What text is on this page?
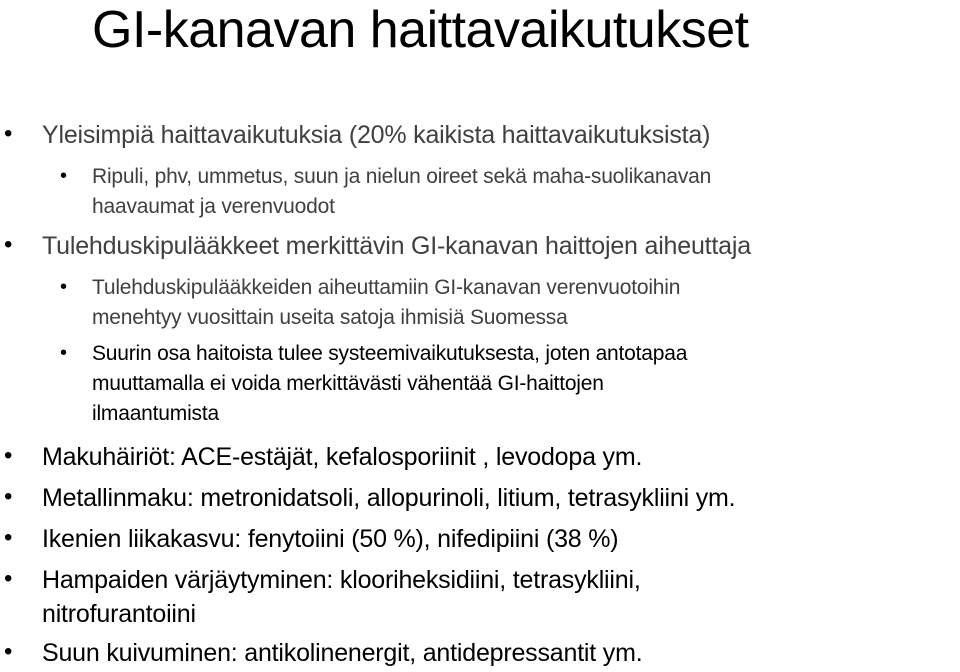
GI-kanavan haittavaikutukset
• Yleisimpiä haittavaikutuksia (20% kaikista haittavaikutuksista)
• Ripuli, phv, ummetus, suun ja nielun oireet sekä maha-suolikanavan
haavaumat ja verenvuodot
• Tulehduskipulääkkeet merkittävin GI-kanavan haittojen aiheuttaja
• Tulehduskipulääkkeiden aiheuttamiin GI-kanavan verenvuotoihin
menehtyy vuosittain useita satoja ihmisiä Suomessa
• Suurin osa haitoista tulee systeemivaikutuksesta, joten antotapaa
muuttamalla ei voida merkittävästi vähentää GI-haittojen
ilmaantumista
• Makuhäiriöt: ACE-estäjät, kefalosporiinit , levodopa ym.
• Metallinmaku: metronidatsoli, allopurinoli, litium, tetrasykliini ym.
• Ikenien liikakasvu: fenytoiini (50 %), nifedipiini (38 %)
• Hampaiden värjäytyminen: klooriheksidiini, tetrasykliini,
nitrofurantoiini
• Suun kuivuminen: antikolinenergit, antidepressantit ym.
